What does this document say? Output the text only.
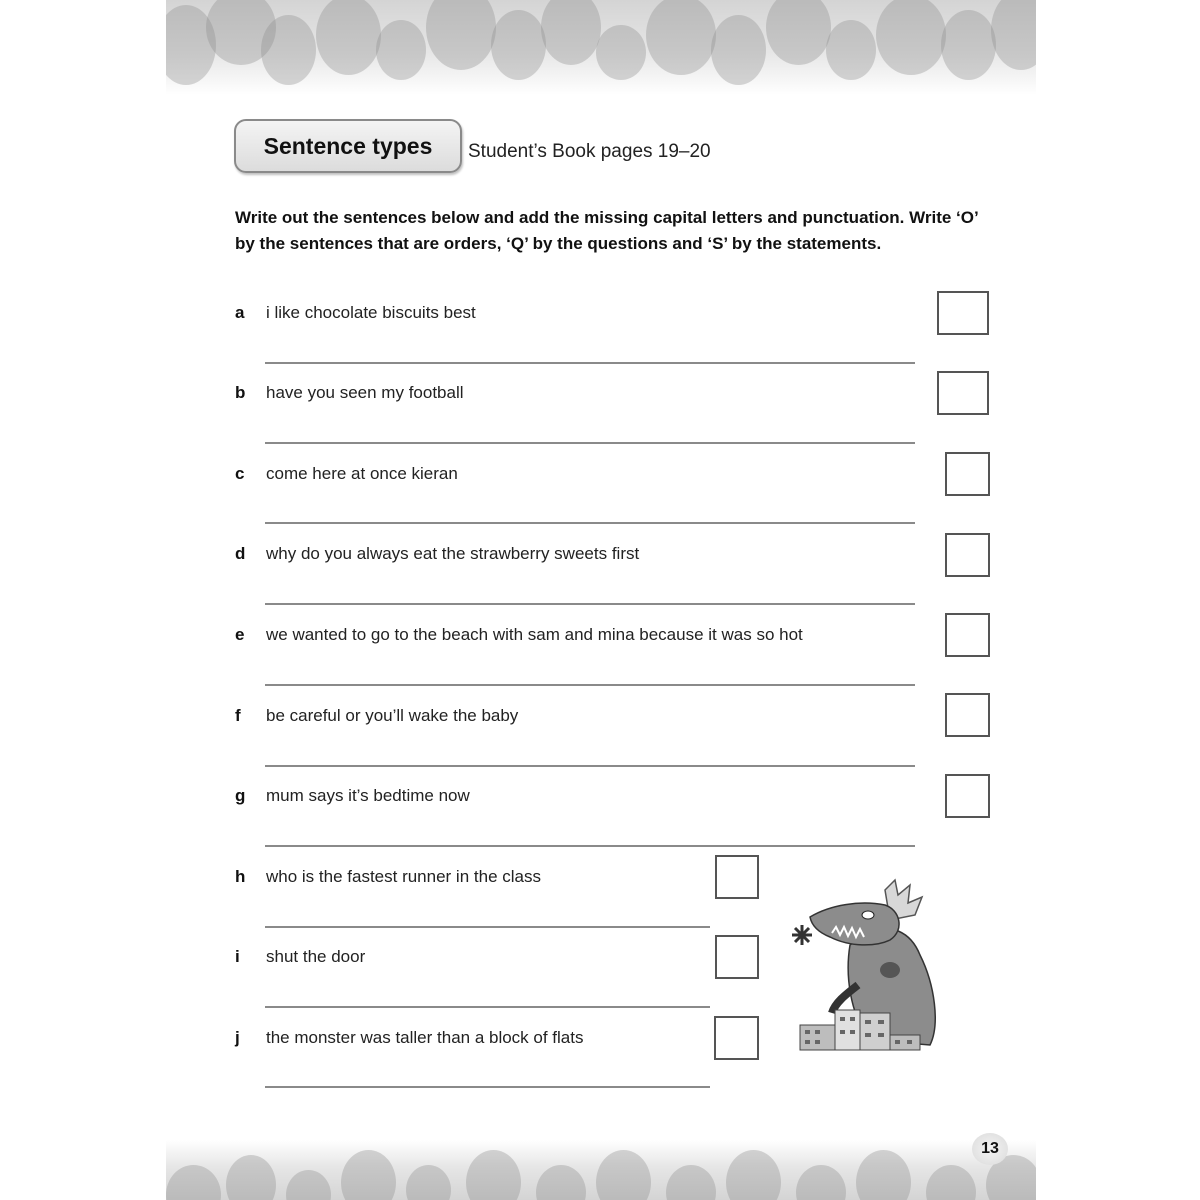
Sentence types	Student’s Book pages 19–20
Write out the sentences below and add the missing capital letters and punctuation. Write ‘O’ by the sentences that are orders, ‘Q’ by the questions and ‘S’ by the statements.
a i like chocolate biscuits best
b have you seen my football
c come here at once kieran
d why do you always eat the strawberry sweets first
e we wanted to go to the beach with sam and mina because it was so hot
f be careful or you’ll wake the baby
g mum says it’s bedtime now
h who is the fastest runner in the class
i shut the door
j the monster was taller than a block of flats
13
